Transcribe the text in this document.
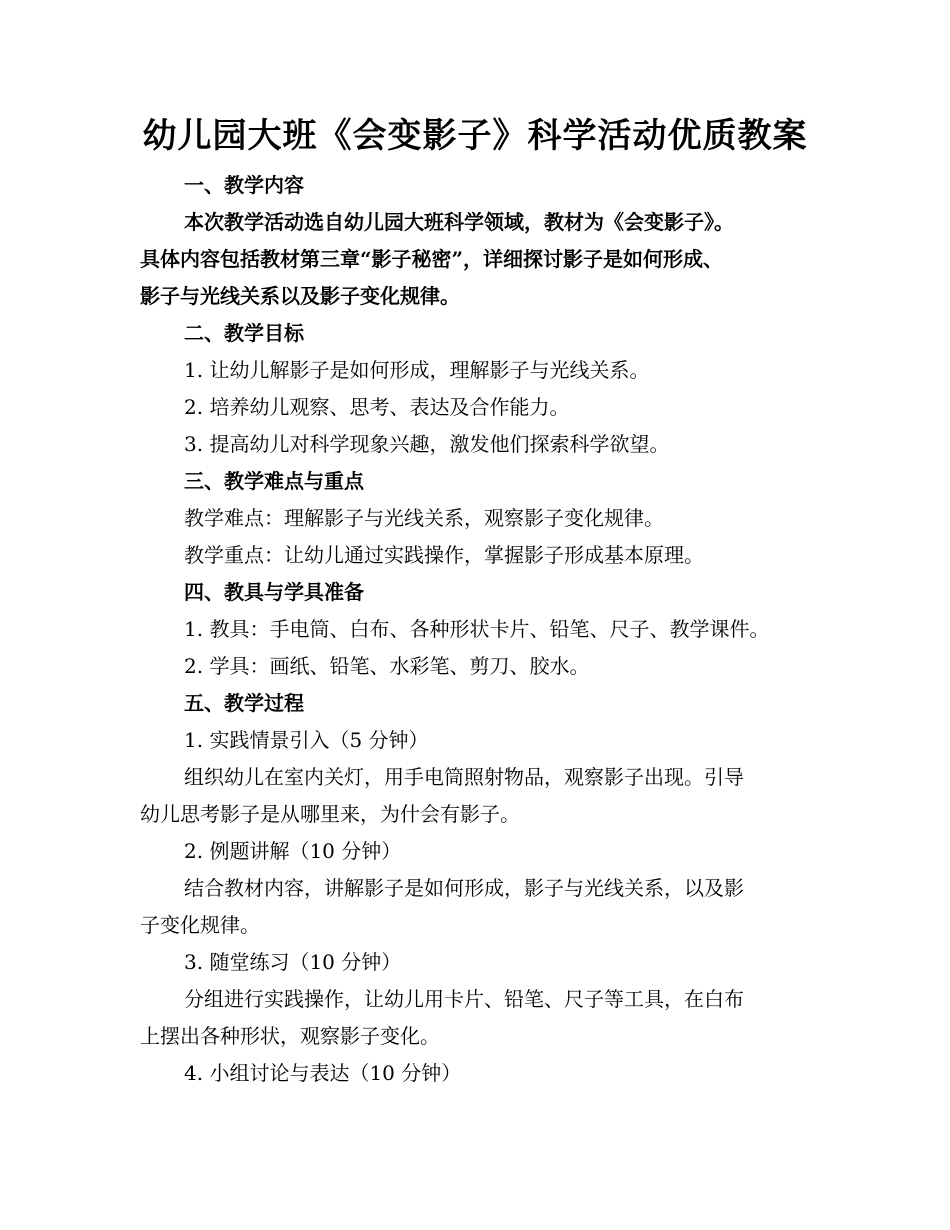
幼儿园大班《会变影子》科学活动优质教案
一、教学内容
本次教学活动选自幼儿园大班科学领域，教材为《会变影子》。
具体内容包括教材第三章“影子秘密”，详细探讨影子是如何形成、
影子与光线关系以及影子变化规律。
二、教学目标
1. 让幼儿解影子是如何形成，理解影子与光线关系。
2. 培养幼儿观察、思考、表达及合作能力。
3. 提高幼儿对科学现象兴趣，激发他们探索科学欲望。
三、教学难点与重点
教学难点：理解影子与光线关系，观察影子变化规律。
教学重点：让幼儿通过实践操作，掌握影子形成基本原理。
四、教具与学具准备
1. 教具：手电筒、白布、各种形状卡片、铅笔、尺子、教学课件。
2. 学具：画纸、铅笔、水彩笔、剪刀、胶水。
五、教学过程
1. 实践情景引入（5 分钟）
组织幼儿在室内关灯，用手电筒照射物品，观察影子出现。引导
幼儿思考影子是从哪里来，为什会有影子。
2. 例题讲解（10 分钟）
结合教材内容，讲解影子是如何形成，影子与光线关系，以及影
子变化规律。
3. 随堂练习（10 分钟）
分组进行实践操作，让幼儿用卡片、铅笔、尺子等工具，在白布
上摆出各种形状，观察影子变化。
4. 小组讨论与表达（10 分钟）
